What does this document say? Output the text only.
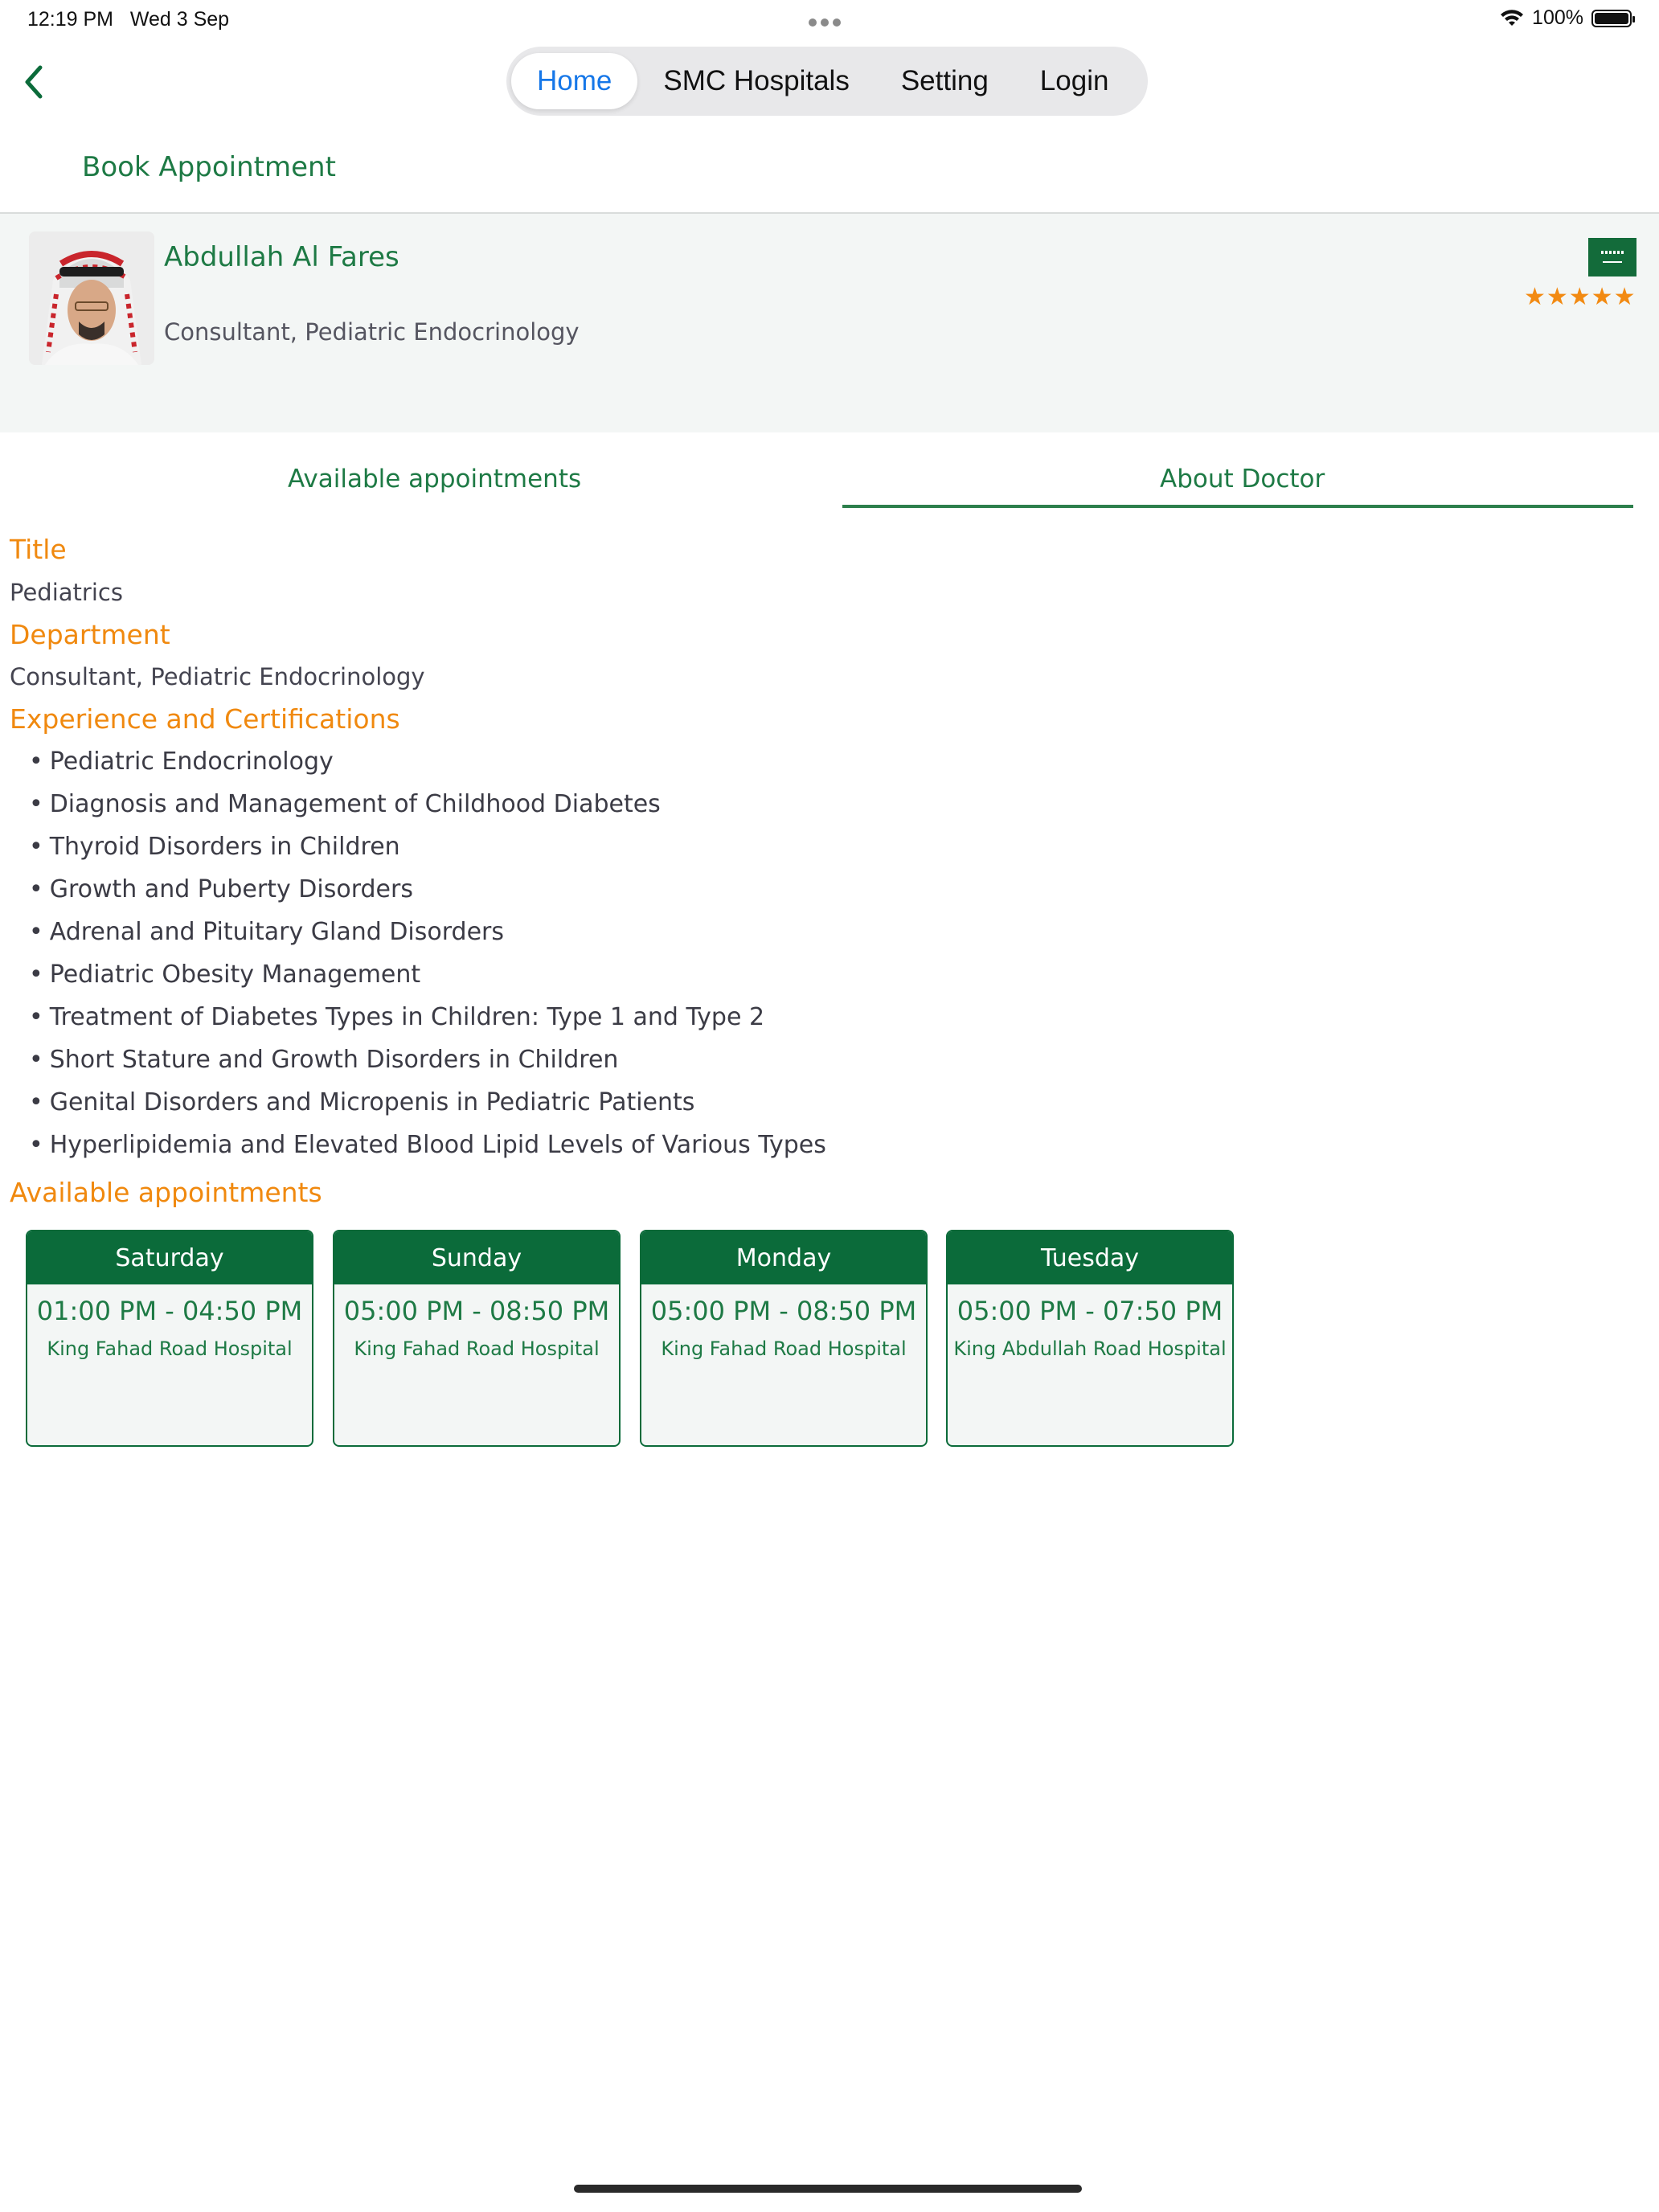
12:19 PM Wed 3 Sep	100%
Home	SMC Hospitals	Setting	Login
Book Appointment
Abdullah Al Fares
Consultant, Pediatric Endocrinology
★★★★★
Available appointments	About Doctor
Title
Pediatrics
Department
Consultant, Pediatric Endocrinology
Experience and Certifications
• Pediatric Endocrinology
• Diagnosis and Management of Childhood Diabetes
• Thyroid Disorders in Children
• Growth and Puberty Disorders
• Adrenal and Pituitary Gland Disorders
• Pediatric Obesity Management
• Treatment of Diabetes Types in Children: Type 1 and Type 2
• Short Stature and Growth Disorders in Children
• Genital Disorders and Micropenis in Pediatric Patients
• Hyperlipidemia and Elevated Blood Lipid Levels of Various Types
Available appointments
Saturday
01:00 PM - 04:50 PM
King Fahad Road Hospital
Sunday
05:00 PM - 08:50 PM
King Fahad Road Hospital
Monday
05:00 PM - 08:50 PM
King Fahad Road Hospital
Tuesday
05:00 PM - 07:50 PM
King Abdullah Road Hospital
